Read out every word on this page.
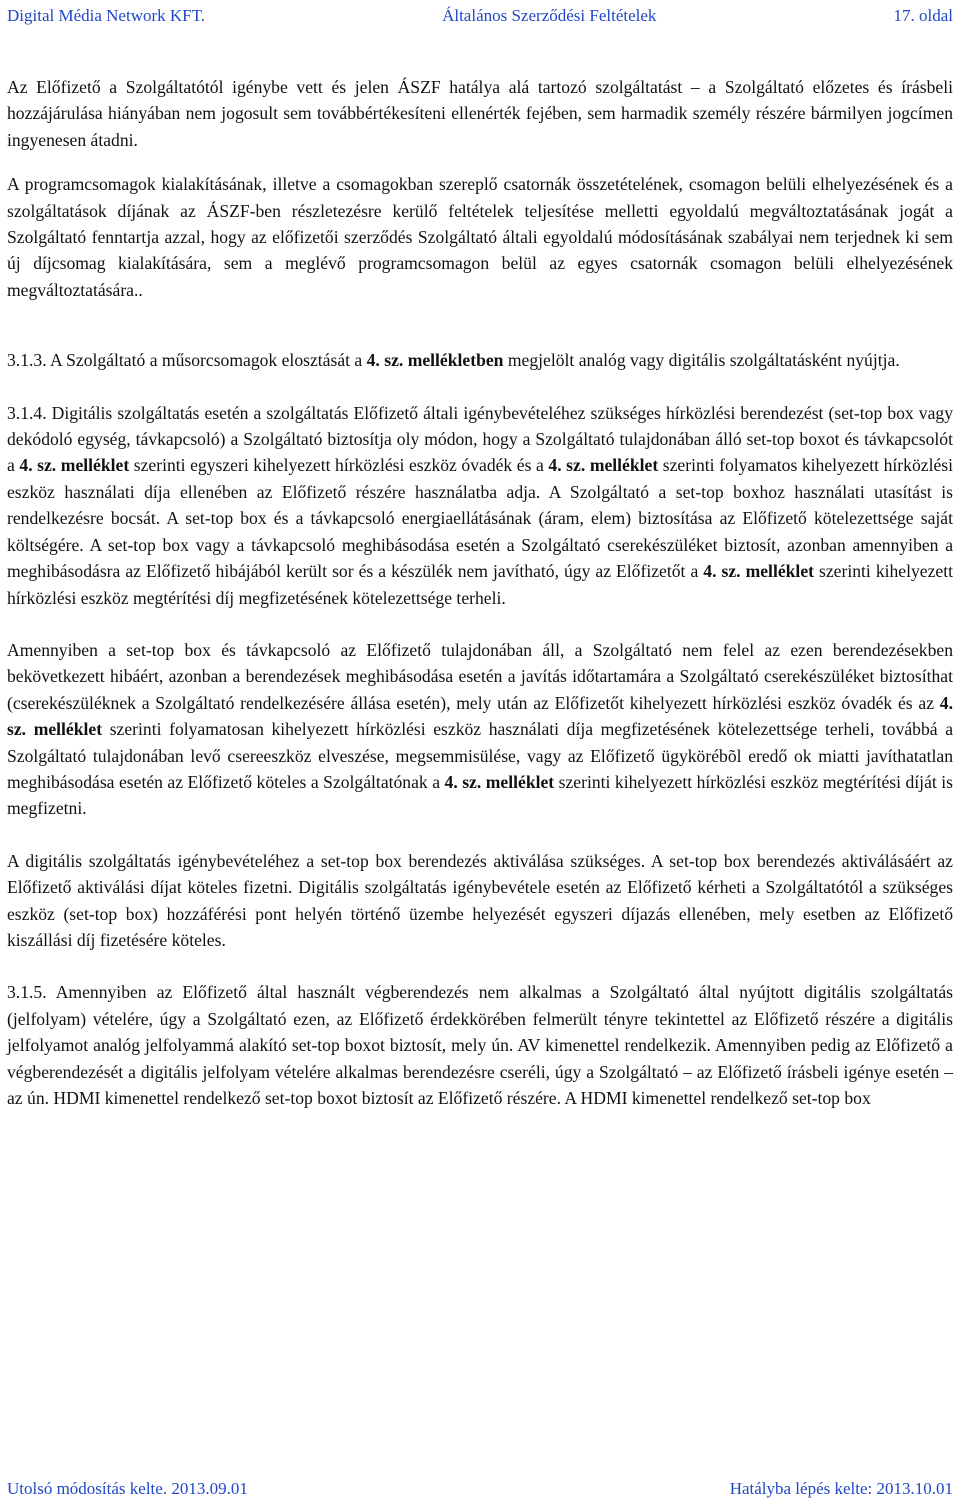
Digital Média Network KFT.	Általános Szerződési Feltételek	17. oldal

Az Előfizető a Szolgáltatótól igénybe vett és jelen ÁSZF hatálya alá tartozó szolgáltatást – a Szolgáltató előzetes és írásbeli hozzájárulása hiányában nem jogosult sem továbbértékesíteni ellenérték fejében, sem harmadik személy részére bármilyen jogcímen ingyenesen átadni.

A programcsomagok kialakításának, illetve a csomagokban szereplő csatornák összetételének, csomagon belüli elhelyezésének és a szolgáltatások díjának az ÁSZF-ben részletezésre kerülő feltételek teljesítése melletti egyoldalú megváltoztatásának jogát a Szolgáltató fenntartja azzal, hogy az előfizetői szerződés Szolgáltató általi egyoldalú módosításának szabályai nem terjednek ki sem új díjcsomag kialakítására, sem a meglévő programcsomagon belül az egyes csatornák csomagon belüli elhelyezésének megváltoztatására..

3.1.3. A Szolgáltató a műsorcsomagok elosztását a 4. sz. mellékletben megjelölt analóg vagy digitális szolgáltatásként nyújtja.

3.1.4. Digitális szolgáltatás esetén a szolgáltatás Előfizető általi igénybevételéhez szükséges hírközlési berendezést (set-top box vagy dekódoló egység, távkapcsoló) a Szolgáltató biztosítja oly módon, hogy a Szolgáltató tulajdonában álló set-top boxot és távkapcsolót a 4. sz. melléklet szerinti egyszeri kihelyezett hírközlési eszköz óvadék és a 4. sz. melléklet szerinti folyamatos kihelyezett hírközlési eszköz használati díja ellenében az Előfizető részére használatba adja. A Szolgáltató a set-top boxhoz használati utasítást is rendelkezésre bocsát. A set-top box és a távkapcsoló energiaellátásának (áram, elem) biztosítása az Előfizető kötelezettsége saját költségére. A set-top box vagy a távkapcsoló meghibásodása esetén a Szolgáltató cserekészüléket biztosít, azonban amennyiben a meghibásodásra az Előfizető hibájából került sor és a készülék nem javítható, úgy az Előfizetőt a 4. sz. melléklet szerinti kihelyezett hírközlési eszköz megtérítési díj megfizetésének kötelezettsége terheli.

Amennyiben a set-top box és távkapcsoló az Előfizető tulajdonában áll, a Szolgáltató nem felel az ezen berendezésekben bekövetkezett hibáért, azonban a berendezések meghibásodása esetén a javítás időtartamára a Szolgáltató cserekészüléket biztosíthat (cserekészüléknek a Szolgáltató rendelkezésére állása esetén), mely után az Előfizetőt kihelyezett hírközlési eszköz óvadék és az 4. sz. melléklet szerinti folyamatosan kihelyezett hírközlési eszköz használati díja megfizetésének kötelezettsége terheli, továbbá a Szolgáltató tulajdonában levő csereeszköz elveszése, megsemmisülése, vagy az Előfizető ügykörébõl eredő ok miatti javíthatatlan meghibásodása esetén az Előfizető köteles a Szolgáltatónak a 4. sz. melléklet szerinti kihelyezett hírközlési eszköz megtérítési díját is megfizetni.

A digitális szolgáltatás igénybevételéhez a set-top box berendezés aktiválása szükséges. A set-top box berendezés aktiválásáért az Előfizető aktiválási díjat köteles fizetni. Digitális szolgáltatás igénybevétele esetén az Előfizető kérheti a Szolgáltatótól a szükséges eszköz (set-top box) hozzáférési pont helyén történő üzembe helyezését egyszeri díjazás ellenében, mely esetben az Előfizető kiszállási díj fizetésére köteles.

3.1.5. Amennyiben az Előfizető által használt végberendezés nem alkalmas a Szolgáltató által nyújtott digitális szolgáltatás (jelfolyam) vételére, úgy a Szolgáltató ezen, az Előfizető érdekkörében felmerült tényre tekintettel az Előfizető részére a digitális jelfolyamot analóg jelfolyammá alakító set-top boxot biztosít, mely ún. AV kimenettel rendelkezik. Amennyiben pedig az Előfizető a végberendezését a digitális jelfolyam vételére alkalmas berendezésre cseréli, úgy a Szolgáltató – az Előfizető írásbeli igénye esetén – az ún. HDMI kimenettel rendelkező set-top boxot biztosít az Előfizető részére. A HDMI kimenettel rendelkező set-top box

Utolsó módosítás kelte. 2013.09.01	Hatályba lépés kelte: 2013.10.01
